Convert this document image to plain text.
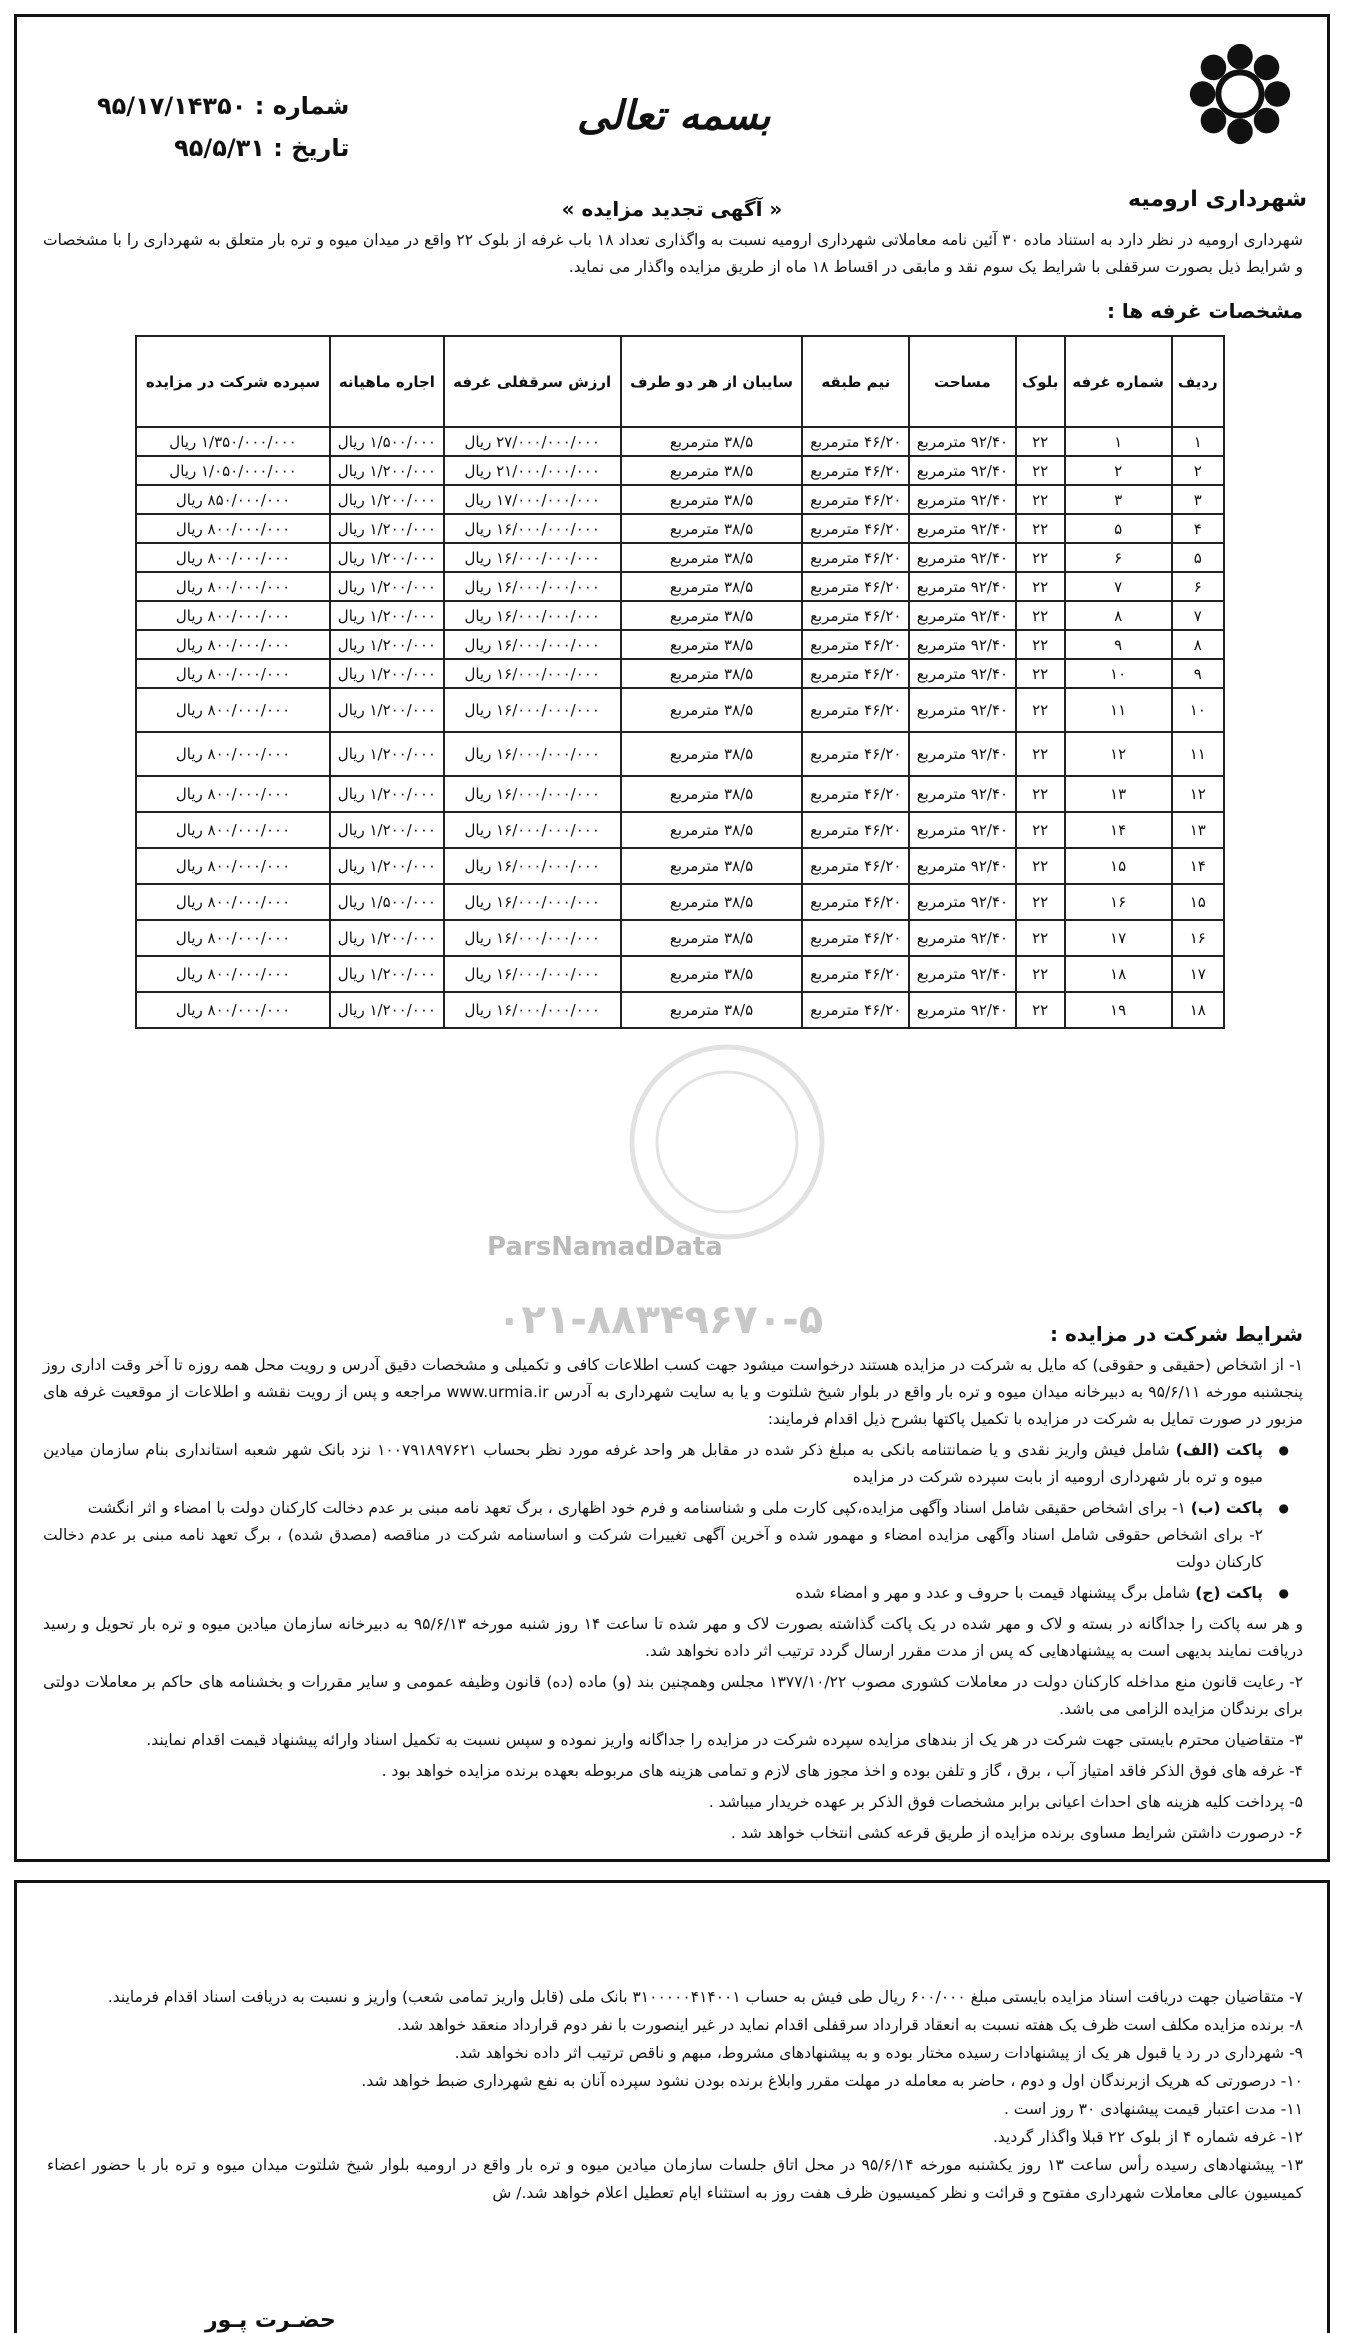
شهرداری ارومیه
بسمه تعالی
شماره : ۹۵/۱۷/۱۴۳۵۰
تاریخ : ۹۵/۵/۳۱
« آگهی تجدید مزایده »
شهرداری ارومیه در نظر دارد به استناد ماده ۳۰ آئین نامه معاملاتی شهرداری ارومیه نسبت به واگذاری تعداد ۱۸ باب غرفه از بلوک ۲۲ واقع در میدان میوه و تره بار متعلق به شهرداری را با مشخصات و شرایط ذیل بصورت سرقفلی با شرایط یک سوم نقد و مابقی در اقساط ۱۸ ماه از طریق مزایده واگذار می نماید.
مشخصات غرفه ها :
ردیف	شماره غرفه	بلوک	مساحت	نیم طبقه	سایبان از هر دو طرف	ارزش سرقفلی غرفه	اجاره ماهیانه	سپرده شرکت در مزایده
۱	۱	۲۲	۹۲/۴۰ مترمربع	۴۶/۲۰ مترمربع	۳۸/۵ مترمربع	۲۷/۰۰۰/۰۰۰/۰۰۰ ریال	۱/۵۰۰/۰۰۰ ریال	۱/۳۵۰/۰۰۰/۰۰۰ ریال
۲	۲	۲۲	۹۲/۴۰ مترمربع	۴۶/۲۰ مترمربع	۳۸/۵ مترمربع	۲۱/۰۰۰/۰۰۰/۰۰۰ ریال	۱/۲۰۰/۰۰۰ ریال	۱/۰۵۰/۰۰۰/۰۰۰ ریال
۳	۳	۲۲	۹۲/۴۰ مترمربع	۴۶/۲۰ مترمربع	۳۸/۵ مترمربع	۱۷/۰۰۰/۰۰۰/۰۰۰ ریال	۱/۲۰۰/۰۰۰ ریال	۸۵۰/۰۰۰/۰۰۰ ریال
۴	۵	۲۲	۹۲/۴۰ مترمربع	۴۶/۲۰ مترمربع	۳۸/۵ مترمربع	۱۶/۰۰۰/۰۰۰/۰۰۰ ریال	۱/۲۰۰/۰۰۰ ریال	۸۰۰/۰۰۰/۰۰۰ ریال
۵	۶	۲۲	۹۲/۴۰ مترمربع	۴۶/۲۰ مترمربع	۳۸/۵ مترمربع	۱۶/۰۰۰/۰۰۰/۰۰۰ ریال	۱/۲۰۰/۰۰۰ ریال	۸۰۰/۰۰۰/۰۰۰ ریال
۶	۷	۲۲	۹۲/۴۰ مترمربع	۴۶/۲۰ مترمربع	۳۸/۵ مترمربع	۱۶/۰۰۰/۰۰۰/۰۰۰ ریال	۱/۲۰۰/۰۰۰ ریال	۸۰۰/۰۰۰/۰۰۰ ریال
۷	۸	۲۲	۹۲/۴۰ مترمربع	۴۶/۲۰ مترمربع	۳۸/۵ مترمربع	۱۶/۰۰۰/۰۰۰/۰۰۰ ریال	۱/۲۰۰/۰۰۰ ریال	۸۰۰/۰۰۰/۰۰۰ ریال
۸	۹	۲۲	۹۲/۴۰ مترمربع	۴۶/۲۰ مترمربع	۳۸/۵ مترمربع	۱۶/۰۰۰/۰۰۰/۰۰۰ ریال	۱/۲۰۰/۰۰۰ ریال	۸۰۰/۰۰۰/۰۰۰ ریال
۹	۱۰	۲۲	۹۲/۴۰ مترمربع	۴۶/۲۰ مترمربع	۳۸/۵ مترمربع	۱۶/۰۰۰/۰۰۰/۰۰۰ ریال	۱/۲۰۰/۰۰۰ ریال	۸۰۰/۰۰۰/۰۰۰ ریال
۱۰	۱۱	۲۲	۹۲/۴۰ مترمربع	۴۶/۲۰ مترمربع	۳۸/۵ مترمربع	۱۶/۰۰۰/۰۰۰/۰۰۰ ریال	۱/۲۰۰/۰۰۰ ریال	۸۰۰/۰۰۰/۰۰۰ ریال
۱۱	۱۲	۲۲	۹۲/۴۰ مترمربع	۴۶/۲۰ مترمربع	۳۸/۵ مترمربع	۱۶/۰۰۰/۰۰۰/۰۰۰ ریال	۱/۲۰۰/۰۰۰ ریال	۸۰۰/۰۰۰/۰۰۰ ریال
۱۲	۱۳	۲۲	۹۲/۴۰ مترمربع	۴۶/۲۰ مترمربع	۳۸/۵ مترمربع	۱۶/۰۰۰/۰۰۰/۰۰۰ ریال	۱/۲۰۰/۰۰۰ ریال	۸۰۰/۰۰۰/۰۰۰ ریال
۱۳	۱۴	۲۲	۹۲/۴۰ مترمربع	۴۶/۲۰ مترمربع	۳۸/۵ مترمربع	۱۶/۰۰۰/۰۰۰/۰۰۰ ریال	۱/۲۰۰/۰۰۰ ریال	۸۰۰/۰۰۰/۰۰۰ ریال
۱۴	۱۵	۲۲	۹۲/۴۰ مترمربع	۴۶/۲۰ مترمربع	۳۸/۵ مترمربع	۱۶/۰۰۰/۰۰۰/۰۰۰ ریال	۱/۲۰۰/۰۰۰ ریال	۸۰۰/۰۰۰/۰۰۰ ریال
۱۵	۱۶	۲۲	۹۲/۴۰ مترمربع	۴۶/۲۰ مترمربع	۳۸/۵ مترمربع	۱۶/۰۰۰/۰۰۰/۰۰۰ ریال	۱/۵۰۰/۰۰۰ ریال	۸۰۰/۰۰۰/۰۰۰ ریال
۱۶	۱۷	۲۲	۹۲/۴۰ مترمربع	۴۶/۲۰ مترمربع	۳۸/۵ مترمربع	۱۶/۰۰۰/۰۰۰/۰۰۰ ریال	۱/۲۰۰/۰۰۰ ریال	۸۰۰/۰۰۰/۰۰۰ ریال
۱۷	۱۸	۲۲	۹۲/۴۰ مترمربع	۴۶/۲۰ مترمربع	۳۸/۵ مترمربع	۱۶/۰۰۰/۰۰۰/۰۰۰ ریال	۱/۲۰۰/۰۰۰ ریال	۸۰۰/۰۰۰/۰۰۰ ریال
۱۸	۱۹	۲۲	۹۲/۴۰ مترمربع	۴۶/۲۰ مترمربع	۳۸/۵ مترمربع	۱۶/۰۰۰/۰۰۰/۰۰۰ ریال	۱/۲۰۰/۰۰۰ ریال	۸۰۰/۰۰۰/۰۰۰ ریال
ParsNamadData
۰۲۱-۸۸۳۴۹۶۷۰-۵	شرایط شرکت در مزایده :
۱- از اشخاص (حقیقی و حقوقی) که مایل به شرکت در مزایده هستند درخواست میشود جهت کسب اطلاعات کافی و تکمیلی و مشخصات دقیق آدرس و رویت محل همه روزه تا آخر وقت اداری روز پنجشنبه مورخه ۹۵/۶/۱۱ به دبیرخانه میدان میوه و تره بار واقع در بلوار شیخ شلتوت و یا به سایت شهرداری به آدرس www.urmia.ir مراجعه و پس از رویت نقشه و اطلاعات از موقعیت غرفه های مزبور در صورت تمایل به شرکت در مزایده با تکمیل پاکتها بشرح ذیل اقدام فرمایند:
● پاکت (الف) شامل فیش واریز نقدی و یا ضمانتنامه بانکی به مبلغ ذکر شده در مقابل هر واحد غرفه مورد نظر بحساب ۱۰۰۷۹۱۸۹۷۶۲۱ نزد بانک شهر شعبه استانداری بنام سازمان میادین میوه و تره بار شهرداری ارومیه از بابت سپرده شرکت در مزایده
● پاکت (ب) ۱- برای اشخاص حقیقی شامل اسناد وآگهی مزایده،کپی کارت ملی و شناسنامه و فرم خود اظهاری ، برگ تعهد نامه مبنی بر عدم دخالت کارکنان دولت با امضاء و اثر انگشت
۲- برای اشخاص حقوقی شامل اسناد وآگهی مزایده امضاء و مهمور شده و آخرین آگهی تغییرات شرکت و اساسنامه شرکت در مناقصه (مصدق شده) ، برگ تعهد نامه مبنی بر عدم دخالت کارکنان دولت
● پاکت (ج) شامل برگ پیشنهاد قیمت با حروف و عدد و مهر و امضاء شده
و هر سه پاکت را جداگانه در بسته و لاک و مهر شده در یک پاکت گذاشته بصورت لاک و مهر شده تا ساعت ۱۴ روز شنبه مورخه ۹۵/۶/۱۳ به دبیرخانه سازمان میادین میوه و تره بار تحویل و رسید دریافت نمایند بدیهی است به پیشنهادهایی که پس از مدت مقرر ارسال گردد ترتیب اثر داده نخواهد شد.
۲- رعایت قانون منع مداخله کارکنان دولت در معاملات کشوری مصوب ۱۳۷۷/۱۰/۲۲ مجلس وهمچنین بند (و) ماده (ده) قانون وظیفه عمومی و سایر مقررات و بخشنامه های حاکم بر معاملات دولتی برای برندگان مزایده الزامی می باشد.
۳- متقاضیان محترم بایستی جهت شرکت در هر یک از بندهای مزایده سپرده شرکت در مزایده را جداگانه واریز نموده و سپس نسبت به تکمیل اسناد وارائه پیشنهاد قیمت اقدام نمایند.
۴- غرفه های فوق الذکر فاقد امتیاز آب ، برق ، گاز و تلفن بوده و اخذ مجوز های لازم و تمامی هزینه های مربوطه بعهده برنده مزایده خواهد بود .
۵- پرداخت کلیه هزینه های احداث اعیانی برابر مشخصات فوق الذکر بر عهده خریدار میباشد .
۶- درصورت داشتن شرایط مساوی برنده مزایده از طریق قرعه کشی انتخاب خواهد شد .
۷- متقاضیان جهت دریافت اسناد مزایده بایستی مبلغ ۶۰۰/۰۰۰ ریال طی فیش به حساب ۳۱۰۰۰۰۰۴۱۴۰۰۱ بانک ملی (قابل واریز تمامی شعب) واریز و نسبت به دریافت اسناد اقدام فرمایند.
۸- برنده مزایده مکلف است ظرف یک هفته نسبت به انعقاد قرارداد سرقفلی اقدام نماید در غیر اینصورت با نفر دوم قرارداد منعقد خواهد شد.
۹- شهرداری در رد یا قبول هر یک از پیشنهادات رسیده مختار بوده و به پیشنهادهای مشروط، مبهم و ناقص ترتیب اثر داده نخواهد شد.
۱۰- درصورتی که هریک ازبرندگان اول و دوم ، حاضر به معامله در مهلت مقرر وابلاغ برنده بودن نشود سپرده آنان به نفع شهرداری ضبط خواهد شد.
۱۱- مدت اعتبار قیمت پیشنهادی ۳۰ روز است .
۱۲- غرفه شماره ۴ از بلوک ۲۲ قبلا واگذار گردید.
۱۳- پیشنهادهای رسیده رأس ساعت ۱۳ روز یکشنبه مورخه ۹۵/۶/۱۴ در محل اتاق جلسات سازمان میادین میوه و تره بار واقع در ارومیه بلوار شیخ شلتوت میدان میوه و تره بار با حضور اعضاء کمیسیون عالی معاملات شهرداری مفتوح و قرائت و نظر کمیسیون ظرف هفت روز به استثناء ایام تعطیل اعلام خواهد شد./ ش
حضـرت پـور
